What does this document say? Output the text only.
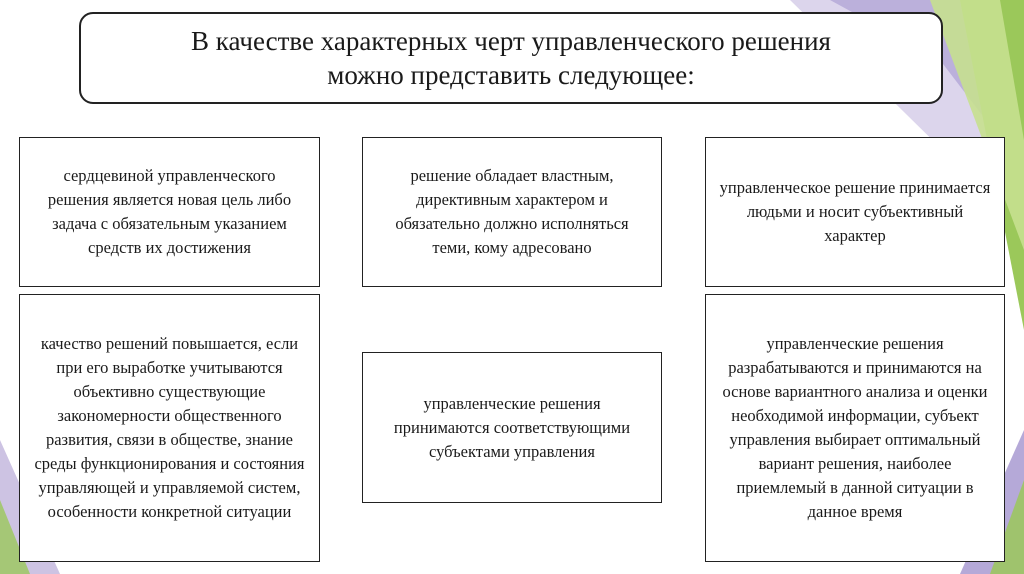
В качестве характерных черт управленческого решения
можно представить следующее:
сердцевиной управленческого решения является новая цель либо задача с обязательным указанием средств их достижения
решение обладает властным, директивным характером и обязательно должно исполняться теми, кому адресовано
управленческое решение принимается людьми и носит субъективный характер
качество решений повышается, если при его выработке учитываются объективно существующие закономерности общественного развития, связи в обществе, знание среды функционирования и состояния управляющей и управляемой систем, особенности конкретной ситуации
управленческие решения принимаются соответствующими субъектами управления
управленческие решения разрабатываются и принимаются на основе вариантного анализа и оценки необходимой информации, субъект управления выбирает оптимальный вариант решения, наиболее приемлемый в данной ситуации в данное время
